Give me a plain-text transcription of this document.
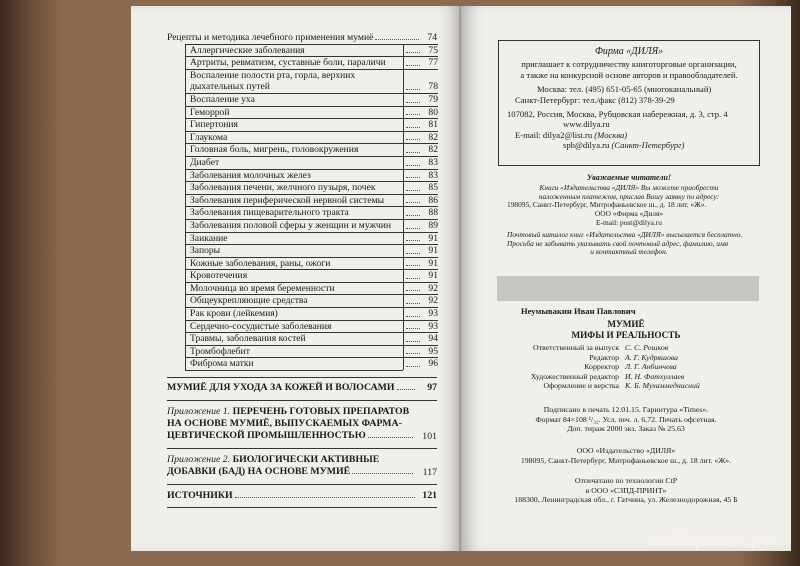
Рецепты и методика лечебного применения мумиё	74
Аллергические заболевания	75
Артриты, ревматизм, суставные боли, параличи	77
Воспаление полости рта, горла, верхних
дыхательных путей	78
Воспаление уха	79
Геморрой	80
Гипертония	81
Глаукома	82
Головная боль, мигрень, головокружения	82
Диабет	83
Заболевания молочных желез	83
Заболевания печени, желчного пузыря, почек	85
Заболевания периферической нервной системы	86
Заболевания пищеварительного тракта	88
Заболевания половой сферы у женщин и мужчин	89
Заикание	91
Запоры	91
Кожные заболевания, раны, ожоги	91
Кровотечения	91
Молочница во время беременности	92
Общеукрепляющие средства	92
Рак крови (лейкемия)	93
Сердечно-сосудистые заболевания	93
Травмы, заболевания костей	94
Тромбофлебит	95
Фиброма матки	96
МУМИЁ ДЛЯ УХОДА ЗА КОЖЕЙ И ВОЛОСАМИ	97
Приложение 1. ПЕРЕЧЕНЬ ГОТОВЫХ ПРЕПАРАТОВ
НА ОСНОВЕ МУМИЁ, ВЫПУСКАЕМЫХ ФАРМА-
ЦЕВТИЧЕСКОЙ ПРОМЫШЛЕННОСТЬЮ	101
Приложение 2. БИОЛОГИЧЕСКИ АКТИВНЫЕ
ДОБАВКИ (БАД) НА ОСНОВЕ МУМИЁ	117
ИСТОЧНИКИ	121
Фирма «ДИЛЯ»
приглашает к сотрудничеству книготорговые организации,
а также на конкурсной основе авторов и правообладателей.
Москва: тел. (495) 651-05-65 (многоканальный)
Санкт-Петербург: тел./факс (812) 378-39-29
107082, Россия, Москва, Рубцовская набережная, д. 3, стр. 4
www.dilya.ru
E-mail: dilya2@list.ru (Москва)
spb@dilya.ru (Санкт-Петербург)
Уважаемые читатели!
Книги «Издательства «ДИЛЯ» Вы можете приобрести
наложенным платежом, прислав Вашу заявку по адресу:
198095, Санкт-Петербург, Митрофаньевское ш., д. 18 лит. «Ж».
ООО «Фирма «Диля»
E-mail: post@dilya.ru
Почтовый каталог книг «Издательства «ДИЛЯ» высылается бесплатно.
Просьба не забывать указывать свой почтовый адрес, фамилию, имя
и контактный телефон.
Неумывакин Иван Павлович
МУМИЁ
МИФЫ И РЕАЛЬНОСТЬ
Ответственный за выпуск С. С. Рошков
Редактор А. Г. Кудряшова
Корректор Л. Г. Анбинчева
Художественный редактор И. Н. Фатхуллаев
Оформление и верстка К. Б. Мухаммеднисний
Подписано в печать 12.01.15. Гарнитура «Times».
Формат 84×108 ¹/₃₂. Усл. печ. л. 6,72. Печать офсетная.
Доп. тираж 2000 экз. Заказ № 25.63
ООО «Издательство «ДИЛЯ»
198095, Санкт-Петербург, Митрофаньевское ш., д. 18 лит. «Ж».
Отпечатано по технологии CtP
в ООО «СЗПД-ПРИНТ»
188300, Ленинградская обл., г. Гатчина, ул. Железнодорожная, 45 Б
лабиринт.ру
